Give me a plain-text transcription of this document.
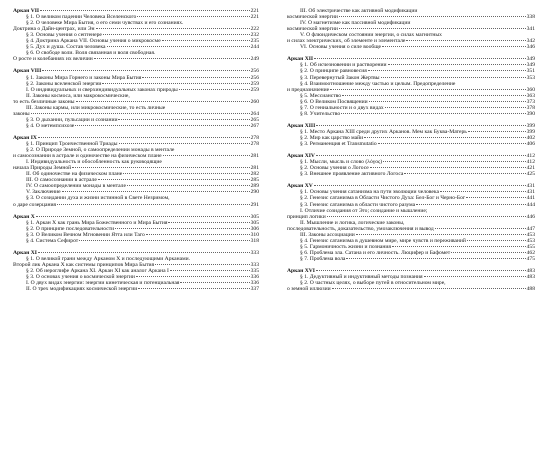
Аркан VII	221
§ 1. О великом падении Человека Вселенского	221
§ 2. О человеке Мира Бытия, о его семи чувствах и его сознаниях.
Доктрина о Дайн-центрах, или Эн	222
§ 3. Основы учения о септенере	232
§ 4. Доктрина Аркана VII. Основы учения о микрокосме	235
§ 5. Дух и душа. Состав человека	244
§ 6. О свободе воли. Воля связанная и воля свободная.
О росте и колебаниях их величин	249
Аркан VIII	256
§ 1. Законы Мира Горнего и законы Мира Бытия	256
§ 2. Законы вселенской энергии	259
I. О индивидуальных и сверхиндивидуальных законах природы	259
II. Законы космоса, или макрокосмические,
то есть безличные законы	260
III. Законы кармы, или микрокосмические, то есть личные
законы	264
§ 3. О дыхании, пульсации и сознании	265
§ 4. О метемпсихозе	267
Аркан IX	278
§ 1. Принцип Троичественной Триады	278
§ 2. О Природе Земной, о самоопределении монады в ментале
и самосознании в астрале и одиночестве на физическом плане	281
I. Индивидуальность и обособленность как руководящие
начала Природы Земной	281
II. Об одиночестве на физическом плане	282
III. О самосознании в астрале	285
IV. О самоопределении монады в ментале	289
V. Заключение	290
§ 3. О созидании духа и жизни истинной в Свете Незримом,
о даре созерцания	291
Аркан X	305
§ 1. Аркан X как грань Мира Божественного и Мира Бытия	305
§ 2. О принципе последовательности	306
§ 3. О Великом Вечном Мгновении Ятта или Таго	310
§ 4. Система Сефирот	318
Аркан XI	333
§ 1. О великой грани между Арканом X и последующими Арканами.
Второй лик Аркана X как системы принципов Мира Бытия	333
§ 2. Об иероглифе Аркана XI. Аркан XI как аналог Аркана I	335
§ 3. О основах учения о космической энергии	336
I. О двух видах энергии: энергии кинетическая и потенциальная	336
II. О трех модификациях космической энергии	337
III. Об электричестве как активной модификации
космической энергии	338
IV. О магнетизме как пассивной модификации
космической энергии	341
V. О флюидическом состоянии энергии, о силах магнитных
и силах электрических, об элементе и элементале	342
VI. Основы учения о силе вообще	346
Аркан XII	349
§ 1. Об исчезновении и растворении	349
§ 2. О принципе равновесия	351
§ 3. Перевернутый Закон Жертвы	353
§ 4. Взаимоотношение между частью и целым. Предопределение
и предназначение	360
§ 5. Мессианство	363
§ 6. О Великом Посвящении	373
§ 7. О гениальности и о двух видах	378
§ 8. Учительство	390
Аркан XIII	399
§ 1. Место Аркана XIII среди других Арканов. Мем как Буква-Матерь	399
§ 2. Мир как царство майи	402
§ 3. Perманенция et Transmutatio	406
Аркан XIV	412
§ 1. Мысли, мысль и слово (λόγος)	412
§ 2. Основы учения о Логосе	421
§ 3. Внешнее проявление активного Логоса	425
Аркан XV	431
§ 1. Основы учения сатанизма на пути эволюции человека	431
§ 2. Генезис сатанизма в Области Чистого Духа: Бел-Бог и Черно-Бог	441
§ 3. Генезис сатанизма в области чистого разума	444
I. Отличие созидания от Эго; созидание и мышление;
принцип логики	446
II. Мышление и логика, логические законы,
последовательность, доказательство, умозаключения и вывод	447
III. Законы ассоциации	453
§ 4. Генезис сатанизма в душевном мире, мире чувств и переживаний	453
§ 5. Гармоничность жизни и познания	455
§ 6. Проблема зла. Сатана и его личность. Люцифер и Бафомет	462
§ 7. Проблема вола	475
Аркан XVI	483
§ 1. Дедуктивный и индуктивный методы познания	483
§ 2. О частных целях, о выборе путей в относительном мире,
о земной иллюзии	488
